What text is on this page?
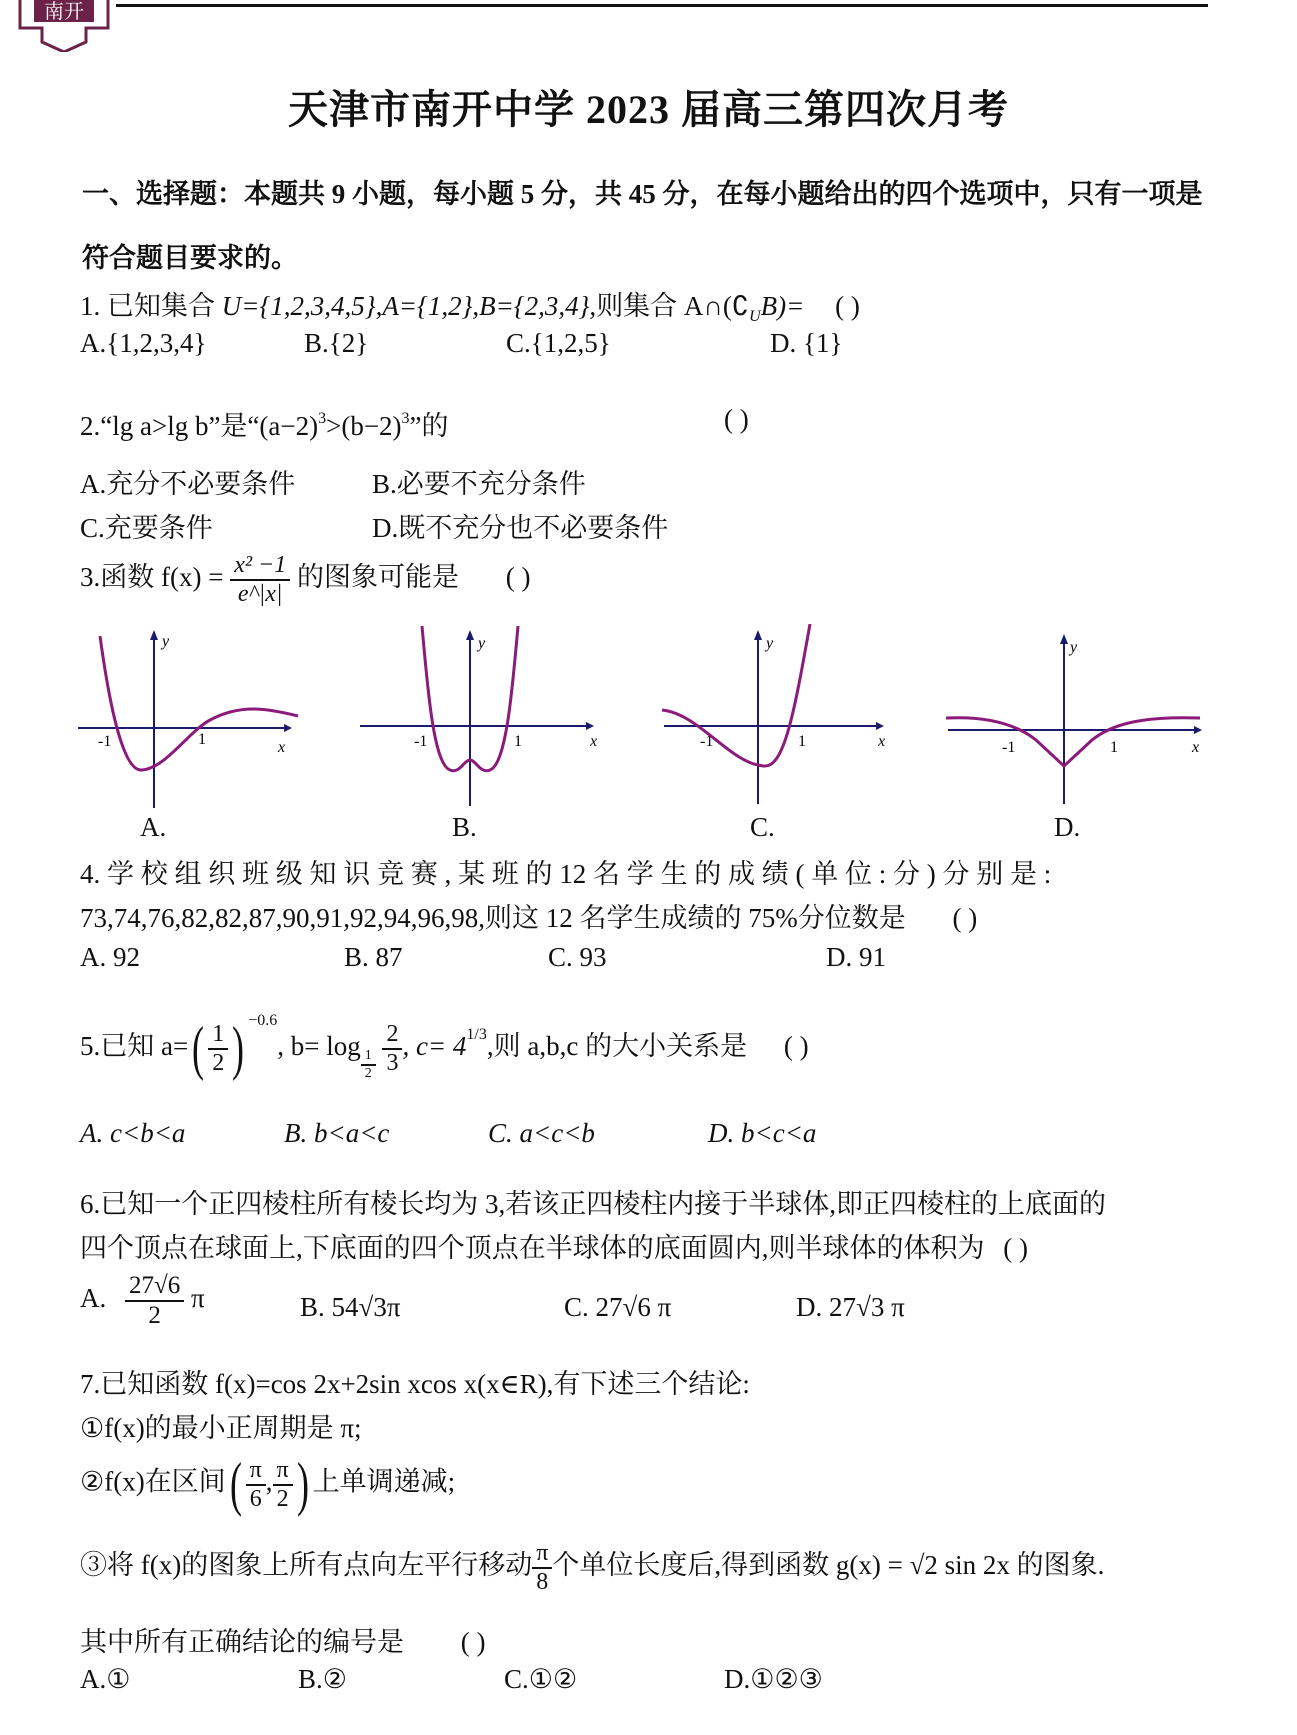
南开
天津市南开中学 2023 届高三第四次月考
一、选择题：本题共 9 小题，每小题 5 分，共 45 分，在每小题给出的四个选项中，只有一项是符合题目要求的。
1. 已知集合 U={1,2,3,4,5},A={1,2},B={2,3,4},则集合 $A\cap(∁_UB)=$ ( )
A.{1,2,3,4}	B.{2}	C.{1,2,5}	D. {1}
2.“lg a>lg b”是“$(a-2)^3>(b-2)^3$”的	( )
A.充分不必要条件	B.必要不充分条件
C.充要条件	D.既不充分也不必要条件
3.函数 $f(x) = \frac{\text{x² −1}}{e\^{}|x|}$ 的图象可能是 ( )
y
x
-1	1
y
x
-1	1
y
x
-1	1
y
x
-1	1
A.	B.	C.	D.
4. 学 校 组 织 班 级 知 识 竞 赛 , 某 班 的 12 名 学 生 的 成 绩 ( 单 位 : 分 ) 分 别 是 :
73,74,76,82,82,87,90,91,92,94,96,98,则这 12 名学生成绩的 75%分位数是 ( )
A. 92	B. 87	C. 93	D. 91
5.已知 $a=( \frac{1}{2}$ ) $^{-0.6}$, b= log
$\frac{1}{2}$
$\frac{2}{3}$ , $c= 4^{1/3}$,则 a,b,c 的大小关系是 ( )
A. c<b<a	B. b<a<c	C. a<c<b	D. b<c<a
6.已知一个正四棱柱所有棱长均为 3,若该正四棱柱内接于半球体,即正四棱柱的上底面的
四个顶点在球面上,下底面的四个顶点在半球体的底面圆内,则半球体的体积为 ( )
A. $\frac{27√6}{2}$ π	B. 54√3π	C. 27√6 π	D. 27√3 π
7.已知函数 f(x)=cos 2x+2sin xcos x(x∈R),有下述三个结论:
①f(x)的最小正周期是 π;
②f(x)在区间( $\frac{\pi}{6}$ , $\frac{\pi}{2}$ ) 上单调递减;
③将 f(x)的图象上所有点向左平行移动 $\frac{\pi}{8}$ 个单位长度后,得到函数 g(x) = √2 sin 2x 的图象.
其中所有正确结论的编号是 ( )
A.①	B.②	C.①②	D.①②③
